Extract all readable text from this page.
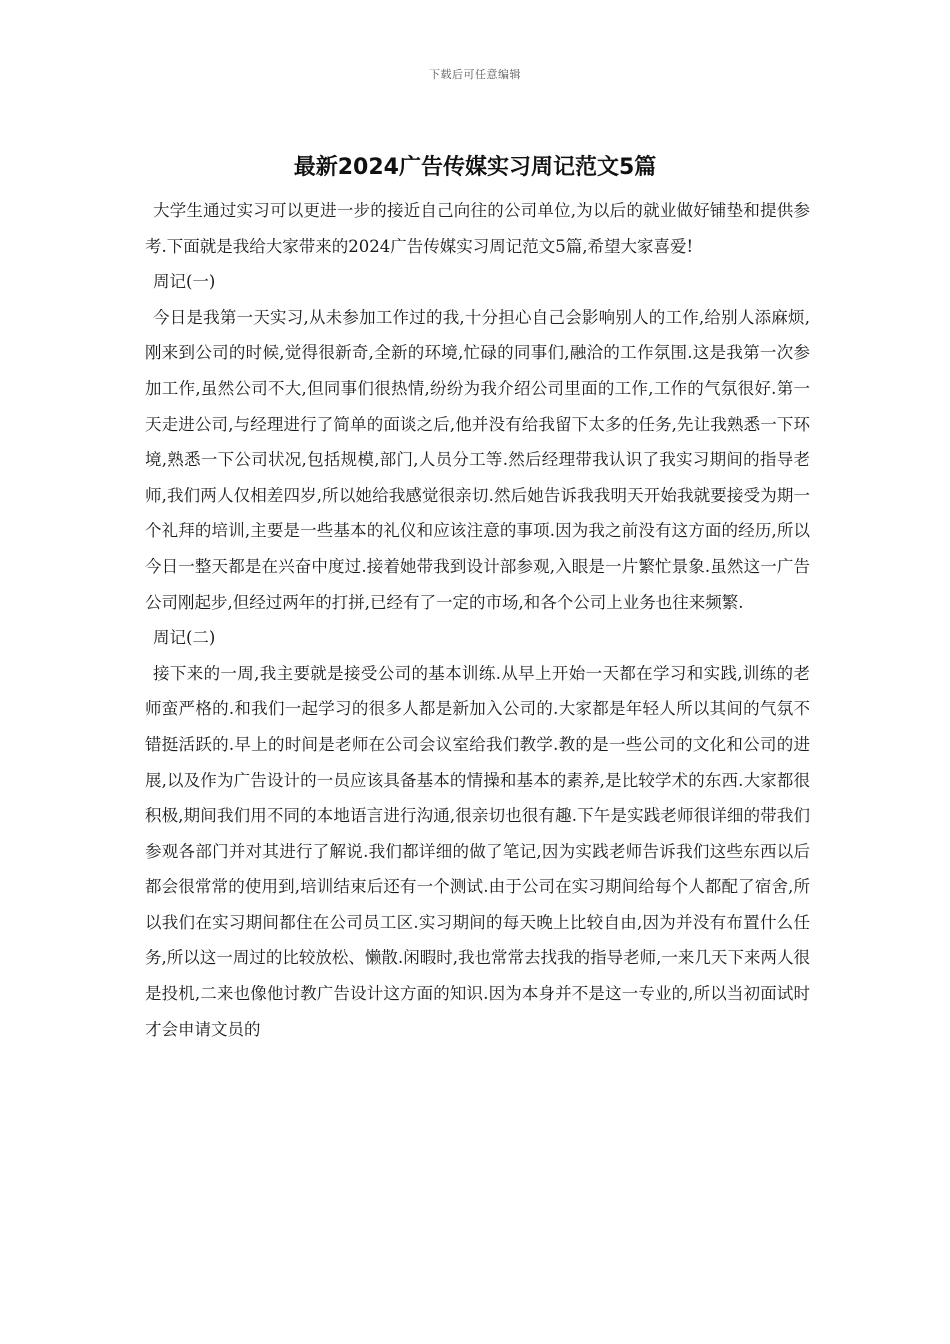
下载后可任意编辑
最新2024广告传媒实习周记范文5篇

大学生通过实习可以更进一步的接近自己向往的公司单位,为以后的就业做好铺垫和提供参考.下面就是我给大家带来的2024广告传媒实习周记范文5篇,希望大家喜爱!

周记(一)

今日是我第一天实习,从未参加工作过的我,十分担心自己会影响别人的工作,给别人添麻烦,刚来到公司的时候,觉得很新奇,全新的环境,忙碌的同事们,融洽的工作氛围.这是我第一次参加工作,虽然公司不大,但同事们很热情,纷纷为我介绍公司里面的工作,工作的气氛很好.第一天走进公司,与经理进行了简单的面谈之后,他并没有给我留下太多的任务,先让我熟悉一下环境,熟悉一下公司状况,包括规模,部门,人员分工等.然后经理带我认识了我实习期间的指导老师,我们两人仅相差四岁,所以她给我感觉很亲切.然后她告诉我我明天开始我就要接受为期一个礼拜的培训,主要是一些基本的礼仪和应该注意的事项.因为我之前没有这方面的经历,所以今日一整天都是在兴奋中度过.接着她带我到设计部参观,入眼是一片繁忙景象.虽然这一广告公司刚起步,但经过两年的打拼,已经有了一定的市场,和各个公司上业务也往来频繁.

周记(二)

接下来的一周,我主要就是接受公司的基本训练.从早上开始一天都在学习和实践,训练的老师蛮严格的.和我们一起学习的很多人都是新加入公司的.大家都是年轻人所以其间的气氛不错挺活跃的.早上的时间是老师在公司会议室给我们教学.教的是一些公司的文化和公司的进展,以及作为广告设计的一员应该具备基本的情操和基本的素养,是比较学术的东西.大家都很积极,期间我们用不同的本地语言进行沟通,很亲切也很有趣.下午是实践老师很详细的带我们参观各部门并对其进行了解说.我们都详细的做了笔记,因为实践老师告诉我们这些东西以后都会很常常的使用到,培训结束后还有一个测试.由于公司在实习期间给每个人都配了宿舍,所以我们在实习期间都住在公司员工区.实习期间的每天晚上比较自由,因为并没有布置什么任务,所以这一周过的比较放松、懒散.闲暇时,我也常常去找我的指导老师,一来几天下来两人很是投机,二来也像他讨教广告设计这方面的知识.因为本身并不是这一专业的,所以当初面试时才会申请文员的
